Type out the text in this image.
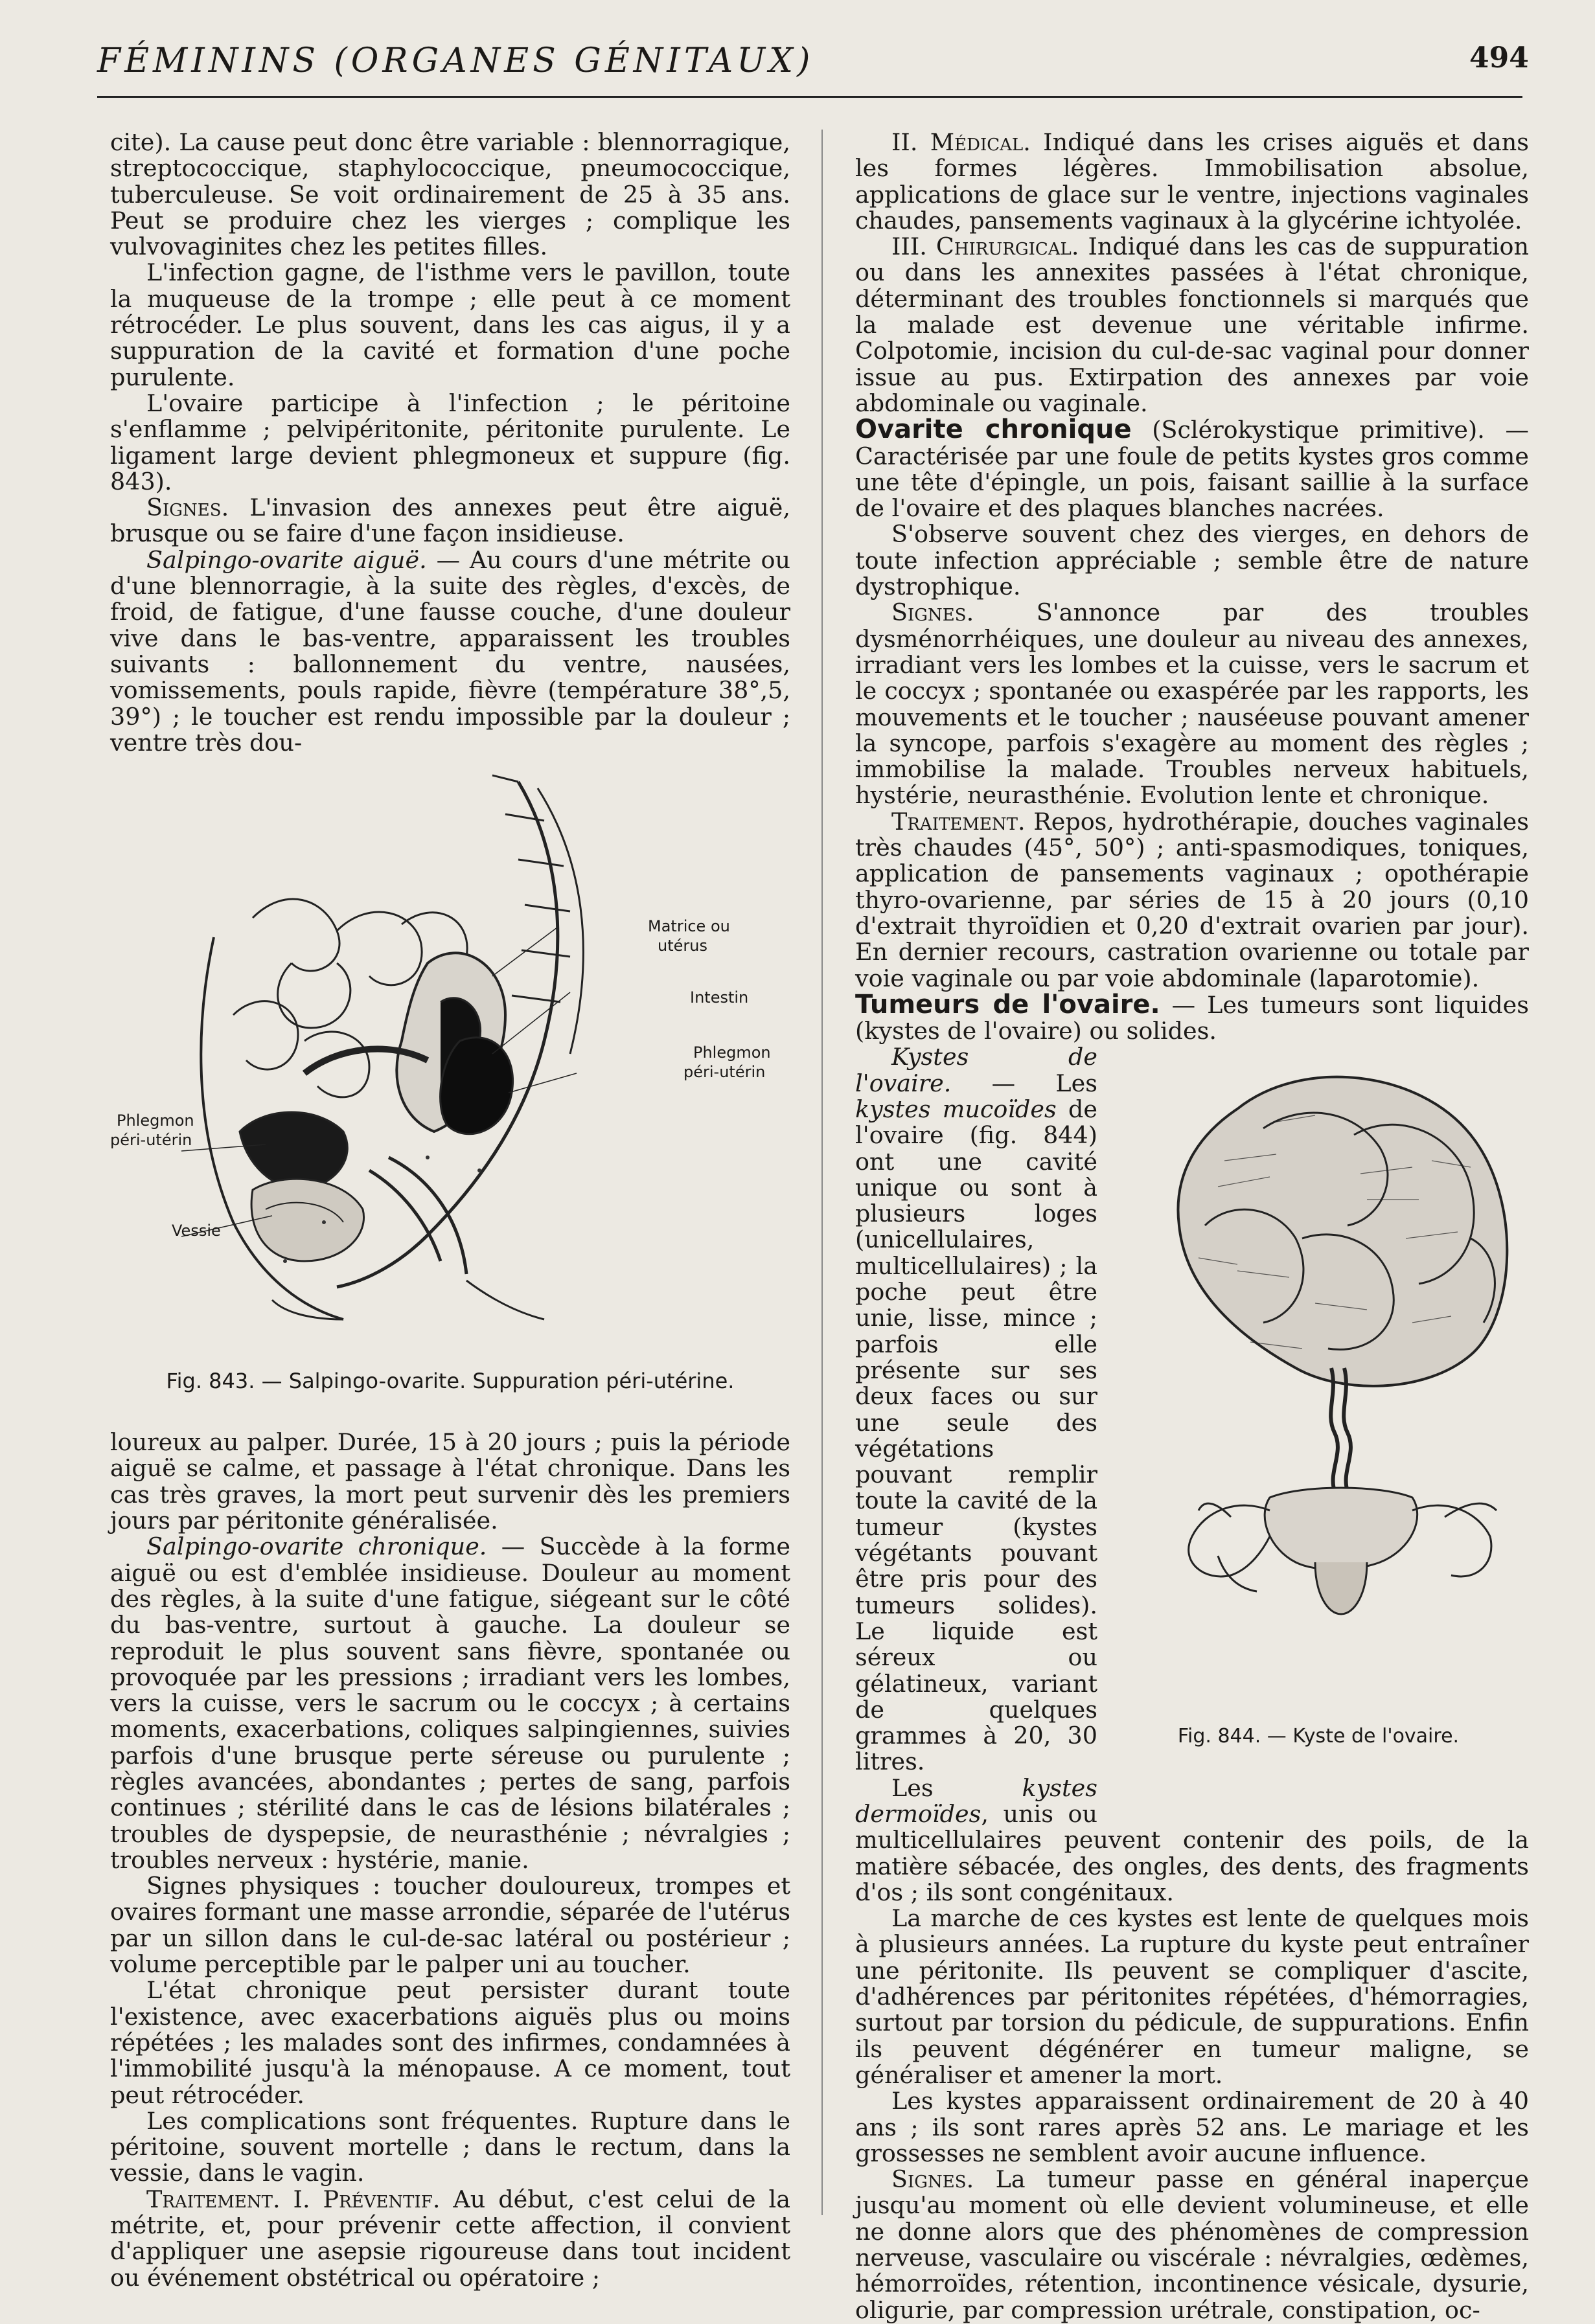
FÉMININS (ORGANES GÉNITAUX)	494

cite). La cause peut donc être variable : blennorragique, streptococcique, staphylococcique, pneumococcique, tuberculeuse. Se voit ordinairement de 25 à 35 ans. Peut se produire chez les vierges ; complique les vulvovaginites chez les petites filles.

L'infection gagne, de l'isthme vers le pavillon, toute la muqueuse de la trompe ; elle peut à ce moment rétrocéder. Le plus souvent, dans les cas aigus, il y a suppuration de la cavité et formation d'une poche purulente.

L'ovaire participe à l'infection ; le péritoine s'enflamme ; pelvipéritonite, péritonite purulente. Le ligament large devient phlegmoneux et suppure (fig. 843).

Signes. L'invasion des annexes peut être aiguë, brusque ou se faire d'une façon insidieuse.

Salpingo-ovarite aiguë. — Au cours d'une métrite ou d'une blennorragie, à la suite des règles, d'excès, de froid, de fatigue, d'une fausse couche, d'une douleur vive dans le bas-ventre, apparaissent les troubles suivants : ballonnement du ventre, nausées, vomissements, pouls rapide, fièvre (température 38°,5, 39°) ; le toucher est rendu impossible par la douleur ; ventre très dou-

Matrice ou
utérus
Intestin
Phlegmon
péri-utérin
Phlegmon
péri-utérin
Vessie
Fig. 843. — Salpingo-ovarite. Suppuration péri-utérine.

loureux au palper. Durée, 15 à 20 jours ; puis la période aiguë se calme, et passage à l'état chronique. Dans les cas très graves, la mort peut survenir dès les premiers jours par péritonite généralisée.

Salpingo-ovarite chronique. — Succède à la forme aiguë ou est d'emblée insidieuse. Douleur au moment des règles, à la suite d'une fatigue, siégeant sur le côté du bas-ventre, surtout à gauche. La douleur se reproduit le plus souvent sans fièvre, spontanée ou provoquée par les pressions ; irradiant vers les lombes, vers la cuisse, vers le sacrum ou le coccyx ; à certains moments, exacerbations, coliques salpingiennes, suivies parfois d'une brusque perte séreuse ou purulente ; règles avancées, abondantes ; pertes de sang, parfois continues ; stérilité dans le cas de lésions bilatérales ; troubles de dyspepsie, de neurasthénie ; névralgies ; troubles nerveux : hystérie, manie.

Signes physiques : toucher douloureux, trompes et ovaires formant une masse arrondie, séparée de l'utérus par un sillon dans le cul-de-sac latéral ou postérieur ; volume perceptible par le palper uni au toucher.

L'état chronique peut persister durant toute l'existence, avec exacerbations aiguës plus ou moins répétées ; les malades sont des infirmes, condamnées à l'immobilité jusqu'à la ménopause. A ce moment, tout peut rétrocéder.

Les complications sont fréquentes. Rupture dans le péritoine, souvent mortelle ; dans le rectum, dans la vessie, dans le vagin.

Traitement. I. Préventif. Au début, c'est celui de la métrite, et, pour prévenir cette affection, il convient d'appliquer une asepsie rigoureuse dans tout incident ou événement obstétrical ou opératoire ;

II. Médical. Indiqué dans les crises aiguës et dans les formes légères. Immobilisation absolue, applications de glace sur le ventre, injections vaginales chaudes, pansements vaginaux à la glycérine ichtyolée.

III. Chirurgical. Indiqué dans les cas de suppuration ou dans les annexites passées à l'état chronique, déterminant des troubles fonctionnels si marqués que la malade est devenue une véritable infirme. Colpotomie, incision du cul-de-sac vaginal pour donner issue au pus. Extirpation des annexes par voie abdominale ou vaginale.

Ovarite chronique (Sclérokystique primitive). — Caractérisée par une foule de petits kystes gros comme une tête d'épingle, un pois, faisant saillie à la surface de l'ovaire et des plaques blanches nacrées.

S'observe souvent chez des vierges, en dehors de toute infection appréciable ; semble être de nature dystrophique.

Signes. S'annonce par des troubles dysménorrhéiques, une douleur au niveau des annexes, irradiant vers les lombes et la cuisse, vers le sacrum et le coccyx ; spontanée ou exaspérée par les rapports, les mouvements et le toucher ; nauséeuse pouvant amener la syncope, parfois s'exagère au moment des règles ; immobilise la malade. Troubles nerveux habituels, hystérie, neurasthénie. Evolution lente et chronique.

Traitement. Repos, hydrothérapie, douches vaginales très chaudes (45°, 50°) ; anti-spasmodiques, toniques, application de pansements vaginaux ; opothérapie thyro-ovarienne, par séries de 15 à 20 jours (0,10 d'extrait thyroïdien et 0,20 d'extrait ovarien par jour). En dernier recours, castration ovarienne ou totale par voie vaginale ou par voie abdominale (laparotomie).

Tumeurs de l'ovaire. — Les tumeurs sont liquides (kystes de l'ovaire) ou solides.

Fig. 844. — Kyste de l'ovaire.

Kystes de l'ovaire. — Les kystes mucoïdes de l'ovaire (fig. 844) ont une cavité unique ou sont à plusieurs loges (unicellulaires, multicellulaires) ; la poche peut être unie, lisse, mince ; parfois elle présente sur ses deux faces ou sur une seule des végétations pouvant remplir toute la cavité de la tumeur (kystes végétants pouvant être pris pour des tumeurs solides). Le liquide est séreux ou gélatineux, variant de quelques grammes à 20, 30 litres.

Les kystes dermoïdes, unis ou multicellulaires peuvent contenir des poils, de la matière sébacée, des ongles, des dents, des fragments d'os ; ils sont congénitaux.

La marche de ces kystes est lente de quelques mois à plusieurs années. La rupture du kyste peut entraîner une péritonite. Ils peuvent se compliquer d'ascite, d'adhérences par péritonites répétées, d'hémorragies, surtout par torsion du pédicule, de suppurations. Enfin ils peuvent dégénérer en tumeur maligne, se généraliser et amener la mort.

Les kystes apparaissent ordinairement de 20 à 40 ans ; ils sont rares après 52 ans. Le mariage et les grossesses ne semblent avoir aucune influence.

Signes. La tumeur passe en général inaperçue jusqu'au moment où elle devient volumineuse, et elle ne donne alors que des phénomènes de compression nerveuse, vasculaire ou viscérale : névralgies, œdèmes, hémorroïdes, rétention, incontinence vésicale, dysurie, oligurie, par compression urétrale, constipation, oc-
